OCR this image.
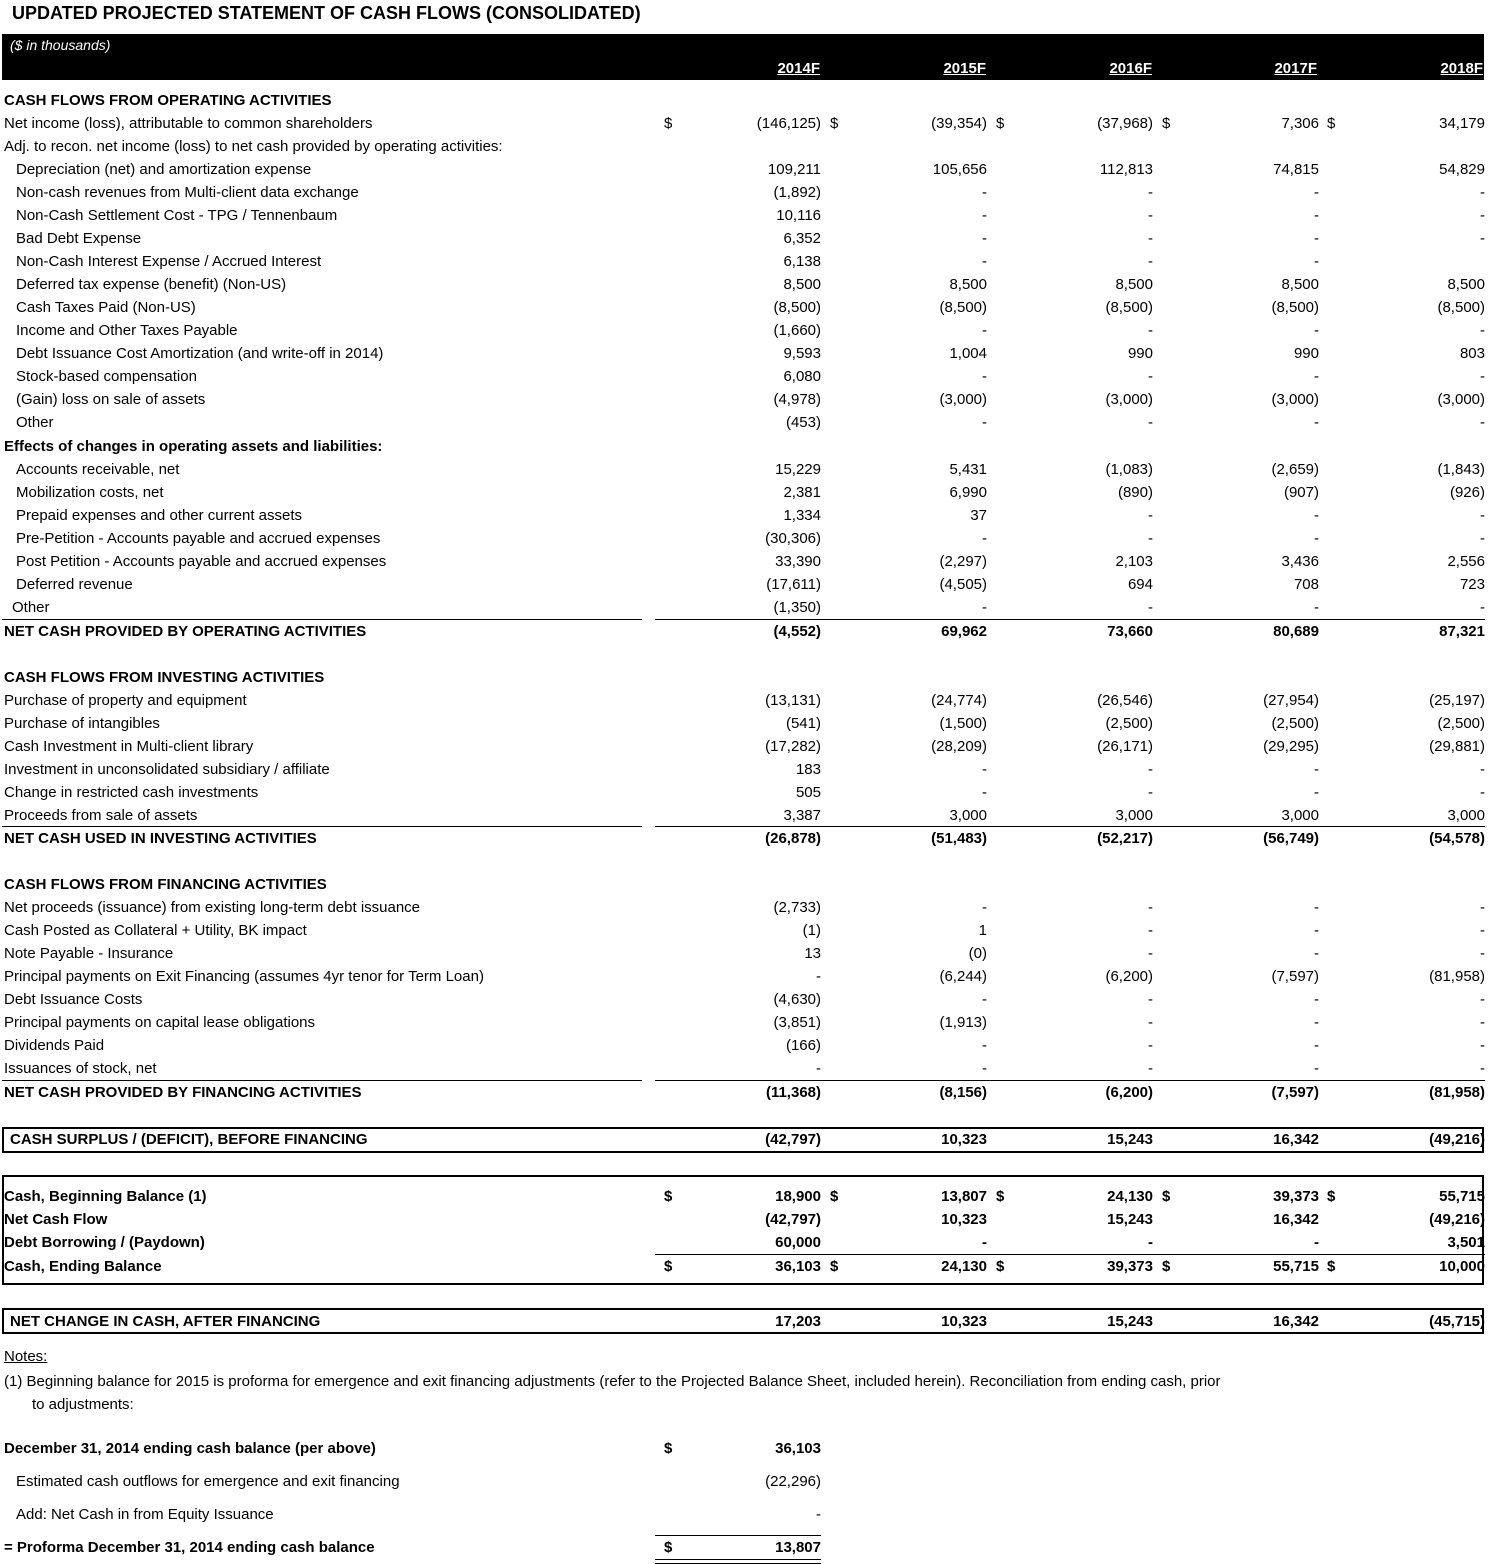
UPDATED PROJECTED STATEMENT OF CASH FLOWS (CONSOLIDATED)
($ in thousands)
2014F	2015F	2016F	2017F	2018F
CASH FLOWS FROM OPERATING ACTIVITIES
Net income (loss), attributable to common shareholders	(146,125)	(39,354)	(37,968)	7,306	34,179
$	$	$	$	$
Adj. to recon. net income (loss) to net cash provided by operating activities:
Depreciation (net) and amortization expense	109,211	105,656	112,813	74,815	54,829
Non-cash revenues from Multi-client data exchange	(1,892)	-	-	-	-
Non-Cash Settlement Cost - TPG / Tennenbaum	10,116	-	-	-	-
Bad Debt Expense	6,352	-	-	-	-
Non-Cash Interest Expense / Accrued Interest	6,138	-	-	-
Deferred tax expense (benefit) (Non-US)	8,500	8,500	8,500	8,500	8,500
Cash Taxes Paid (Non-US)	(8,500)	(8,500)	(8,500)	(8,500)	(8,500)
Income and Other Taxes Payable	(1,660)	-	-	-	-
Debt Issuance Cost Amortization (and write-off in 2014)	9,593	1,004	990	990	803
Stock-based compensation	6,080	-	-	-	-
(Gain) loss on sale of assets	(4,978)	(3,000)	(3,000)	(3,000)	(3,000)
Other	(453)	-	-	-	-
Effects of changes in operating assets and liabilities:
Accounts receivable, net	15,229	5,431	(1,083)	(2,659)	(1,843)
Mobilization costs, net	2,381	6,990	(890)	(907)	(926)
Prepaid expenses and other current assets	1,334	37	-	-	-
Pre-Petition - Accounts payable and accrued expenses	(30,306)	-	-	-	-
Post Petition - Accounts payable and accrued expenses	33,390	(2,297)	2,103	3,436	2,556
Deferred revenue	(17,611)	(4,505)	694	708	723
Other	(1,350)	-	-	-	-
NET CASH PROVIDED BY OPERATING ACTIVITIES	(4,552)	69,962	73,660	80,689	87,321
CASH FLOWS FROM INVESTING ACTIVITIES
Purchase of property and equipment	(13,131)	(24,774)	(26,546)	(27,954)	(25,197)
Purchase of intangibles	(541)	(1,500)	(2,500)	(2,500)	(2,500)
Cash Investment in Multi-client library	(17,282)	(28,209)	(26,171)	(29,295)	(29,881)
Investment in unconsolidated subsidiary / affiliate	183	-	-	-	-
Change in restricted cash investments	505	-	-	-	-
Proceeds from sale of assets	3,387	3,000	3,000	3,000	3,000
NET CASH USED IN INVESTING ACTIVITIES	(26,878)	(51,483)	(52,217)	(56,749)	(54,578)
CASH FLOWS FROM FINANCING ACTIVITIES
Net proceeds (issuance) from existing long-term debt issuance	(2,733)	-	-	-	-
Cash Posted as Collateral + Utility, BK impact	(1)	1	-	-	-
Note Payable - Insurance	13	(0)	-	-	-
Principal payments on Exit Financing (assumes 4yr tenor for Term Loan)	-	(6,244)	(6,200)	(7,597)	(81,958)
Debt Issuance Costs	(4,630)	-	-	-	-
Principal payments on capital lease obligations	(3,851)	(1,913)	-	-	-
Dividends Paid	(166)	-	-	-	-
Issuances of stock, net	-	-	-	-	-
NET CASH PROVIDED BY FINANCING ACTIVITIES	(11,368)	(8,156)	(6,200)	(7,597)	(81,958)
CASH SURPLUS / (DEFICIT), BEFORE FINANCING	(42,797)	10,323	15,243	16,342	(49,216)
Cash, Beginning Balance (1)	18,900	13,807	24,130	39,373	55,715
$	$	$	$	$
Net Cash Flow	(42,797)	10,323	15,243	16,342	(49,216)
Debt Borrowing / (Paydown)	60,000	-	-	-	3,501
Cash, Ending Balance	36,103	24,130	39,373	55,715	10,000
$	$	$	$	$
NET CHANGE IN CASH, AFTER FINANCING	17,203	10,323	15,243	16,342	(45,715)
Notes:
(1) Beginning balance for 2015 is proforma for emergence and exit financing adjustments (refer to the Projected Balance Sheet, included herein). Reconciliation from ending cash, prior
to adjustments:
December 31, 2014 ending cash balance (per above)	36,103
$
Estimated cash outflows for emergence and exit financing	(22,296)
Add: Net Cash in from Equity Issuance	-
= Proforma December 31, 2014 ending cash balance	13,807
$
